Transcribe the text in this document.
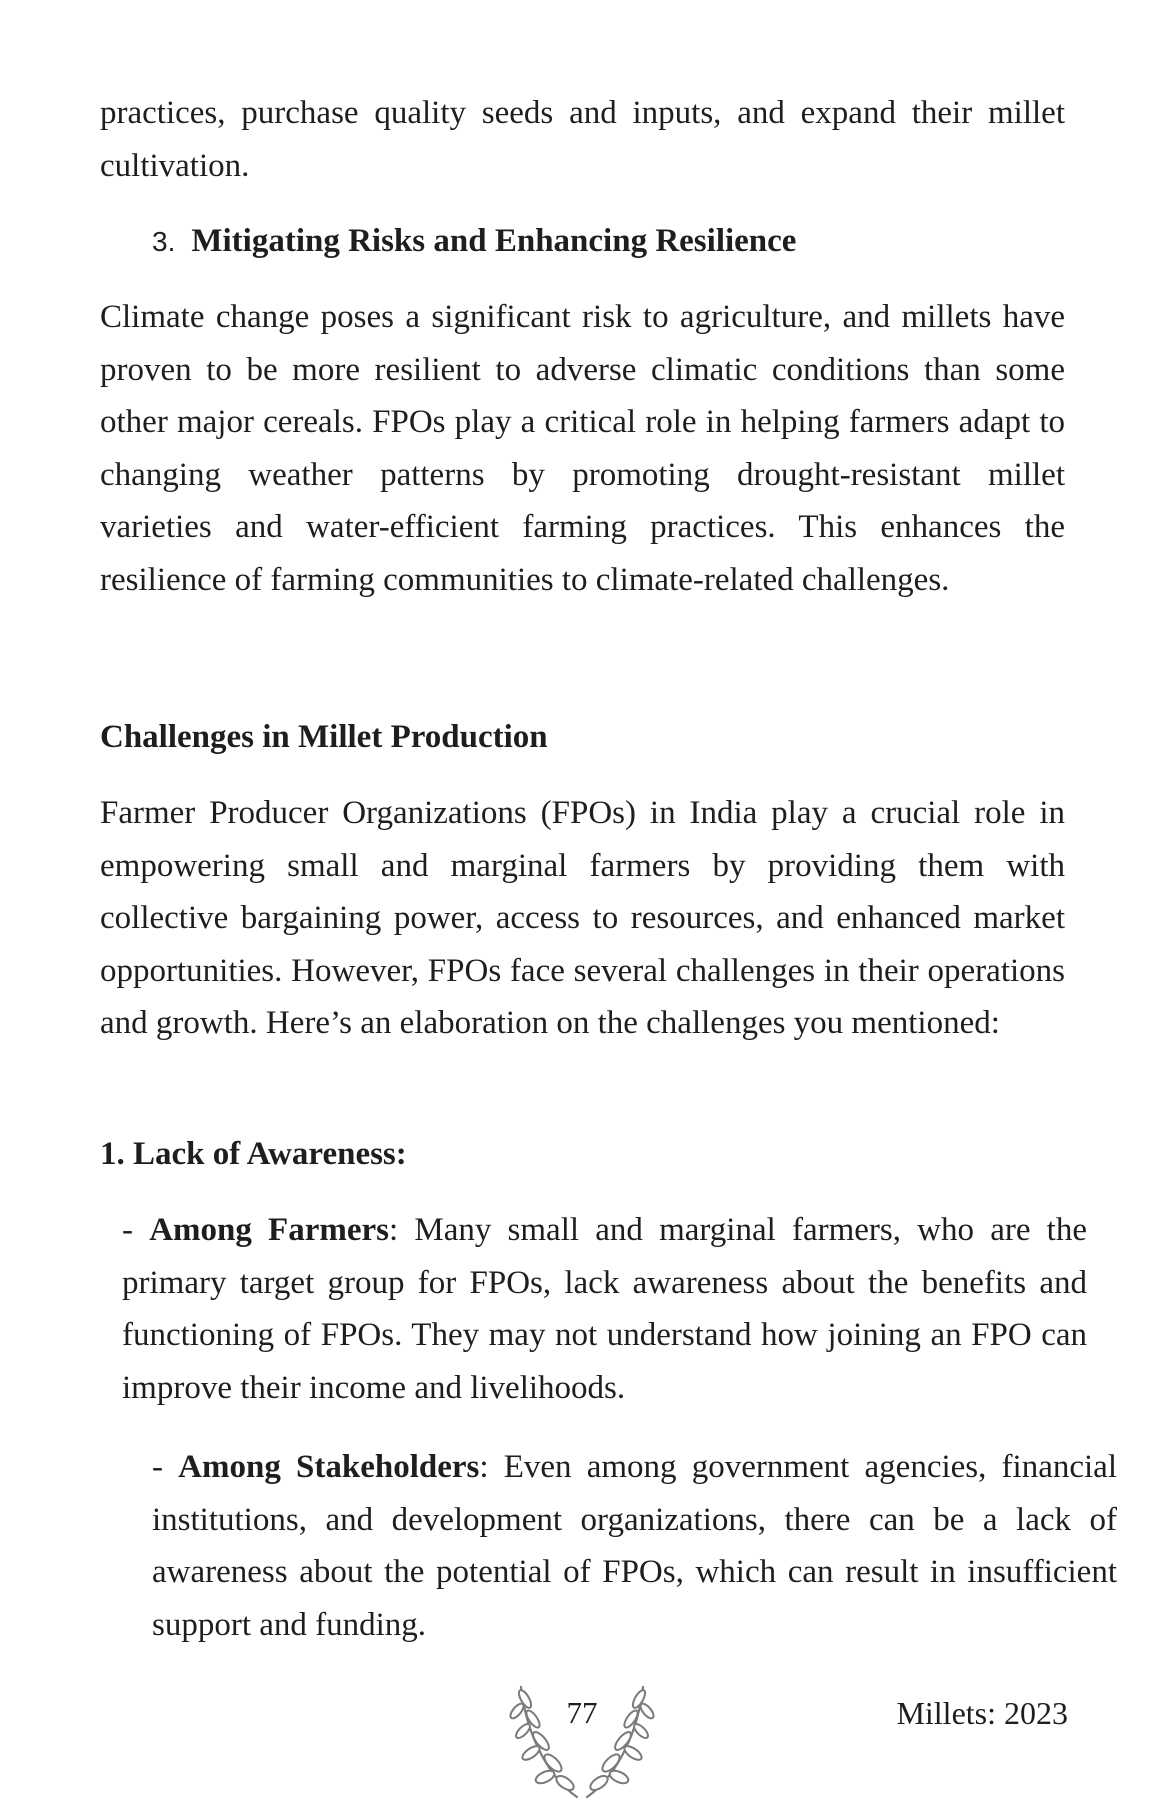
practices, purchase quality seeds and inputs, and expand their millet cultivation.

3. Mitigating Risks and Enhancing Resilience

Climate change poses a significant risk to agriculture, and millets have proven to be more resilient to adverse climatic conditions than some other major cereals. FPOs play a critical role in helping farmers adapt to changing weather patterns by promoting drought-resistant millet varieties and water-efficient farming practices. This enhances the resilience of farming communities to climate-related challenges.

Challenges in Millet Production

Farmer Producer Organizations (FPOs) in India play a crucial role in empowering small and marginal farmers by providing them with collective bargaining power, access to resources, and enhanced market opportunities. However, FPOs face several challenges in their operations and growth. Here’s an elaboration on the challenges you mentioned:

1. Lack of Awareness:

- Among Farmers: Many small and marginal farmers, who are the primary target group for FPOs, lack awareness about the benefits and functioning of FPOs. They may not understand how joining an FPO can improve their income and livelihoods.

- Among Stakeholders: Even among government agencies, financial institutions, and development organizations, there can be a lack of awareness about the potential of FPOs, which can result in insufficient support and funding.

77	Millets: 2023
